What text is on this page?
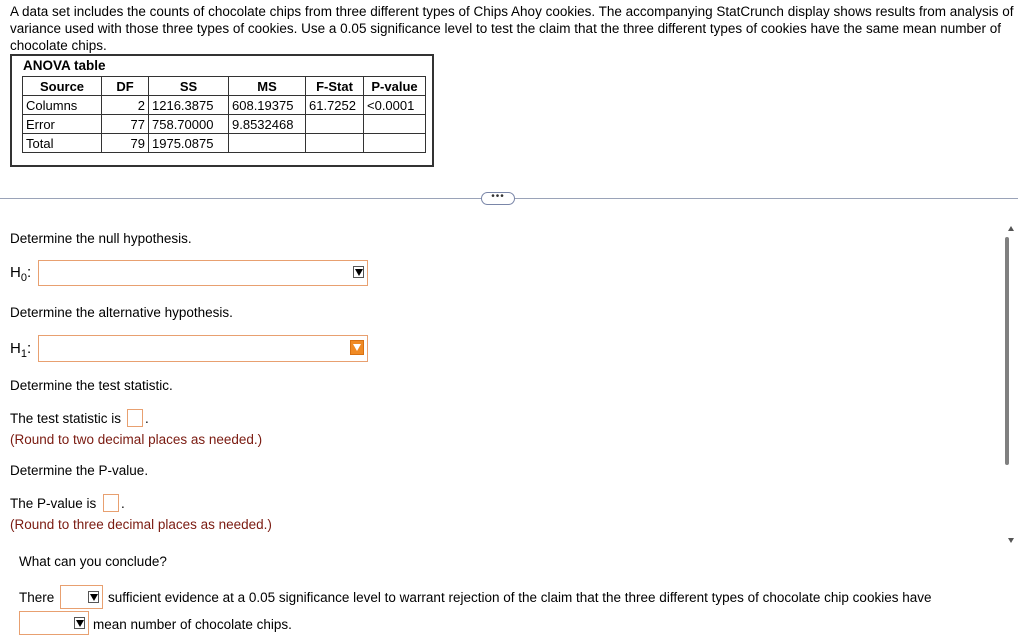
A data set includes the counts of chocolate chips from three different types of Chips Ahoy cookies. The accompanying StatCrunch display shows results from analysis of variance used with those three types of cookies. Use a 0.05 significance level to test the claim that the three different types of cookies have the same mean number of chocolate chips.
ANOVA table
Source	DF	SS	MS	F-Stat	P-value
Columns	2	1216.3875	608.19375	61.7252	<0.0001
Error	77	758.70000	9.8532468		
Total	79	1975.0875			
•••
Determine the null hypothesis.
$H_0$:
Determine the alternative hypothesis.
$H_1$:
Determine the test statistic.
The test statistic is .
(Round to two decimal places as needed.)
Determine the P-value.
The P-value is .
(Round to three decimal places as needed.)
What can you conclude?
There	sufficient evidence at a 0.05 significance level to warrant rejection of the claim that the three different types of chocolate chip cookies have
mean number of chocolate chips.
